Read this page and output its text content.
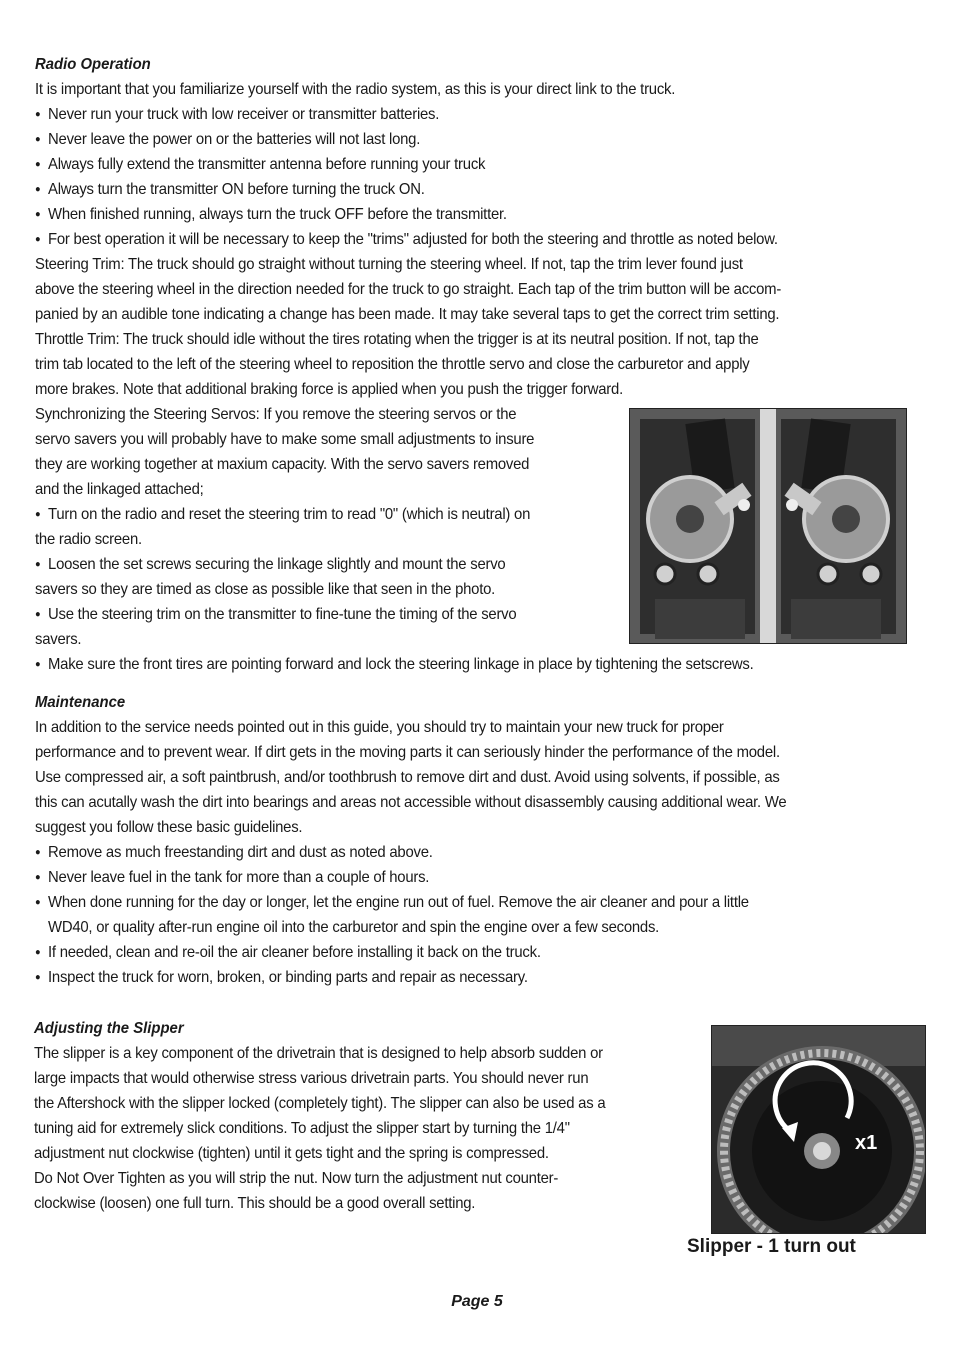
Radio Operation
It is important that you familiarize yourself with the radio system, as this is your direct link to the truck.
● Never run your truck with low receiver or transmitter batteries.
● Never leave the power on or the batteries will not last long.
● Always fully extend the transmitter antenna before running your truck
● Always turn the transmitter ON before turning the truck ON.
● When finished running, always turn the truck OFF before the transmitter.
● For best operation it will be necessary to keep the "trims" adjusted for both the steering and throttle as noted below.
Steering Trim: The truck should go straight without turning the steering wheel. If not, tap the trim lever found just
above the steering wheel in the direction needed for the truck to go straight. Each tap of the trim button will be accom-
panied by an audible tone indicating a change has been made. It may take several taps to get the correct trim setting.
Throttle Trim: The truck should idle without the tires rotating when the trigger is at its neutral position. If not, tap the
trim tab located to the left of the steering wheel to reposition the throttle servo and close the carburetor and apply
more brakes. Note that additional braking force is applied when you push the trigger forward.
Synchronizing the Steering Servos: If you remove the steering servos or the
servo savers you will probably have to make some small adjustments to insure
they are working together at maxium capacity. With the servo savers removed
and the linkaged attached;
● Turn on the radio and reset the steering trim to read "0" (which is neutral) on
the radio screen.
● Loosen the set screws securing the linkage slightly and mount the servo
savers so they are timed as close as possible like that seen in the photo.
● Use the steering trim on the transmitter to fine-tune the timing of the servo
savers.
● Make sure the front tires are pointing forward and lock the steering linkage in place by tightening the setscrews.
Maintenance
In addition to the service needs pointed out in this guide, you should try to maintain your new truck for proper
performance and to prevent wear. If dirt gets in the moving parts it can seriously hinder the performance of the model.
Use compressed air, a soft paintbrush, and/or toothbrush to remove dirt and dust. Avoid using solvents, if possible, as
this can acutally wash the dirt into bearings and areas not accessible without disassembly causing additional wear. We
suggest you follow these basic guidelines.
● Remove as much freestanding dirt and dust as noted above.
● Never leave fuel in the tank for more than a couple of hours.
● When done running for the day or longer, let the engine run out of fuel. Remove the air cleaner and pour a little
WD40, or quality after-run engine oil into the carburetor and spin the engine over a few seconds.
● If needed, clean and re-oil the air cleaner before installing it back on the truck.
● Inspect the truck for worn, broken, or binding parts and repair as necessary.
Adjusting the Slipper
The slipper is a key component of the drivetrain that is designed to help absorb sudden or
large impacts that would otherwise stress various drivetrain parts. You should never run
the Aftershock with the slipper locked (completely tight). The slipper can also be used as a
tuning aid for extremely slick conditions. To adjust the slipper start by turning the 1/4"
adjustment nut clockwise (tighten) until it gets tight and the spring is compressed.
Do Not Over Tighten as you will strip the nut. Now turn the adjustment nut counter-
clockwise (loosen) one full turn. This should be a good overall setting.
x1
Slipper - 1 turn out
Page 5
